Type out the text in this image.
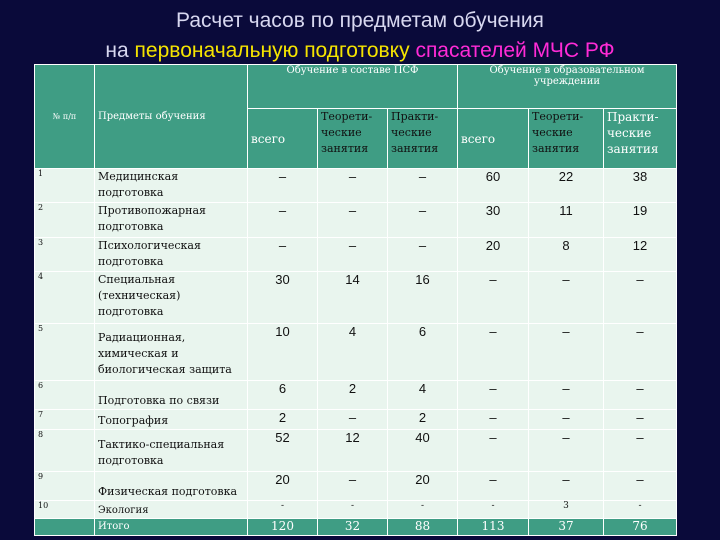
Расчет часов по предметам обучения
на первоначальную подготовку спасателей МЧС РФ
№ п/п	Предметы обучения	Обучение в составе ПСФ			Обучение в образовательном учреждении		
		всего	Теорети-ческие занятия	Практи-ческие занятия	всего	Теорети-ческие занятия	Практи-ческие занятия
1	Медицинская подготовка	–	–	–	60	22	38
2	Противопожарная подготовка	–	–	–	30	11	19
3	Психологическая подготовка	–	–	–	20	8	12
4	Специальная (техническая) подготовка	30	14	16	–	–	–
5	Радиационная, химическая и биологическая защита	10	4	6	–	–	–
6	Подготовка по связи	6	2	4	–	–	–
7	Топография	2	–	2	–	–	–
8	Тактико-специальная подготовка	52	12	40	–	–	–
9	Физическая подготовка	20	–	20	–	–	–
10	Экология	-	-	-	-	3	-
	Итого	120	32	88	113	37	76
